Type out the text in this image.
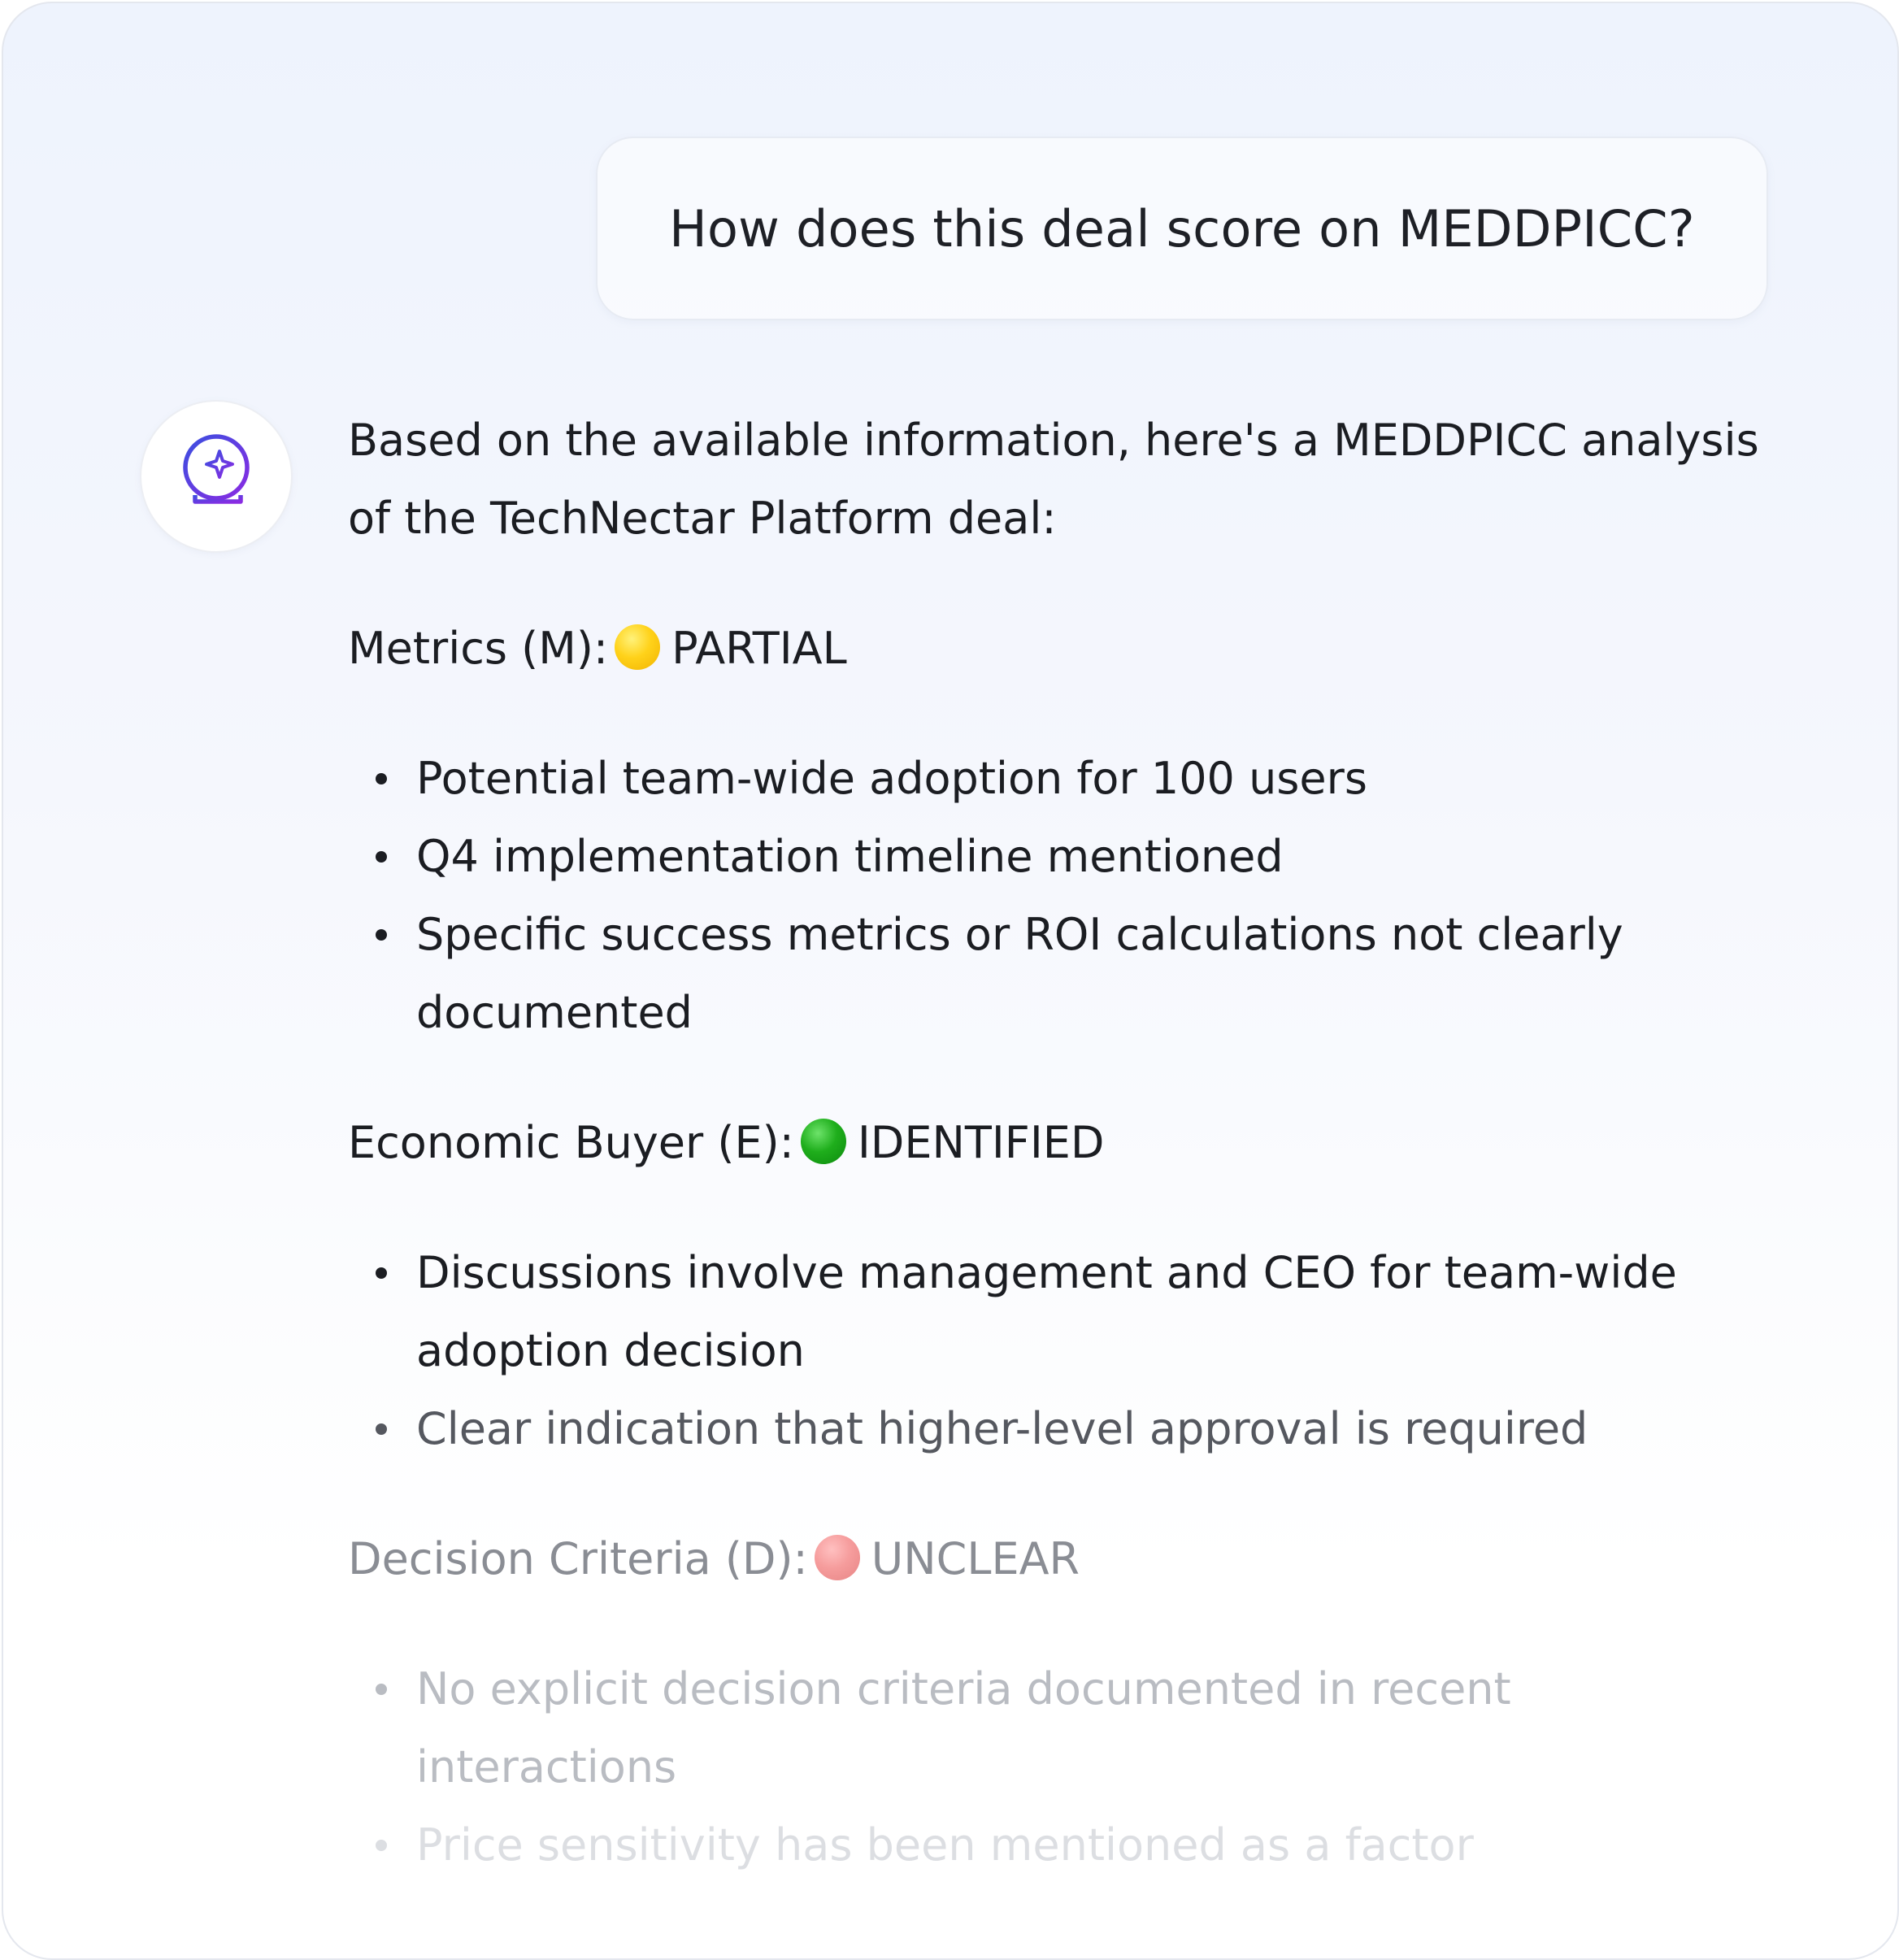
How does this deal score on MEDDPICC?

Based on the available information, here's a MEDDPICC analysis of the TechNectar Platform deal:

Metrics (M): PARTIAL
Potential team-wide adoption for 100 users
Q4 implementation timeline mentioned
Specific success metrics or ROI calculations not clearly documented
Economic Buyer (E): IDENTIFIED
Discussions involve management and CEO for team-wide adoption decision
Clear indication that higher-level approval is required
Decision Criteria (D): UNCLEAR
No explicit decision criteria documented in recent interactions
Price sensitivity has been mentioned as a factor
